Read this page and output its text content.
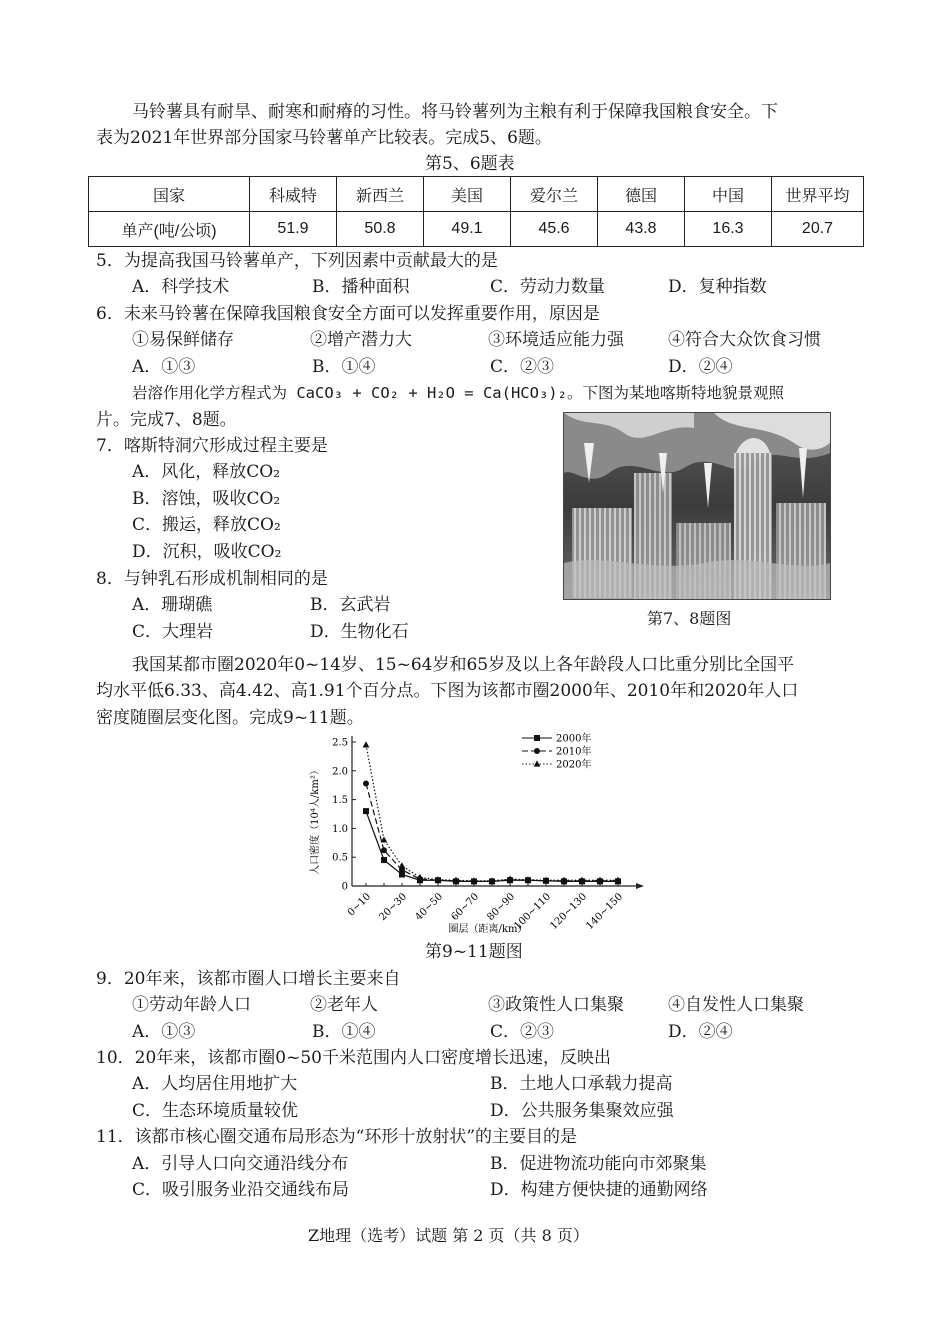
马铃薯具有耐旱、耐寒和耐瘠的习性。将马铃薯列为主粮有利于保障我国粮食安全。下
表为2021年世界部分国家马铃薯单产比较表。完成5、6题。
第5、6题表
国家	科威特	新西兰	美国	爱尔兰	德国	中国	世界平均
单产(吨/公顷)	51.9	50.8	49.1	45.6	43.8	16.3	20.7
5．为提高我国马铃薯单产，下列因素中贡献最大的是
A．科学技术	B．播种面积	C．劳动力数量	D．复种指数
6．未来马铃薯在保障我国粮食安全方面可以发挥重要作用，原因是
①易保鲜储存	②增产潜力大	③环境适应能力强	④符合大众饮食习惯
A．①③	B．①④	C．②③	D．②④
岩溶作用化学方程式为 CaCO₃ + CO₂ + H₂O = Ca(HCO₃)₂。下图为某地喀斯特地貌景观照
片。完成7、8题。
7．喀斯特洞穴形成过程主要是
A．风化，释放CO₂
B．溶蚀，吸收CO₂
C．搬运，释放CO₂
D．沉积，吸收CO₂
8．与钟乳石形成机制相同的是
A．珊瑚礁	B．玄武岩
C．大理岩	D．生物化石
第7、8题图
我国某都市圈2020年0~14岁、15~64岁和65岁及以上各年龄段人口比重分别比全国平
均水平低6.33、高4.42、高1.91个百分点。下图为该都市圈2000年、2010年和2020年人口
密度随圈层变化图。完成9~11题。
人口密度（10⁴人/km²）
圈层（距离/km）
0
0.5
1.0
1.5
2.0
2.5
0~10 20~30 40~50 60~70 80~90
100~110
120~130
140~150
2000年
2010年
2020年
第9~11题图
9．20年来，该都市圈人口增长主要来自
①劳动年龄人口	②老年人	③政策性人口集聚	④自发性人口集聚
A．①③	B．①④	C．②③	D．②④
10．20年来，该都市圈0~50千米范围内人口密度增长迅速，反映出
A．人均居住用地扩大	B．土地人口承载力提高
C．生态环境质量较优	D．公共服务集聚效应强
11．该都市核心圈交通布局形态为“环形十放射状”的主要目的是
A．引导人口向交通沿线分布	B．促进物流功能向市郊聚集
C．吸引服务业沿交通线布局	D．构建方便快捷的通勤网络
Z地理（选考）试题 第 2 页（共 8 页）
